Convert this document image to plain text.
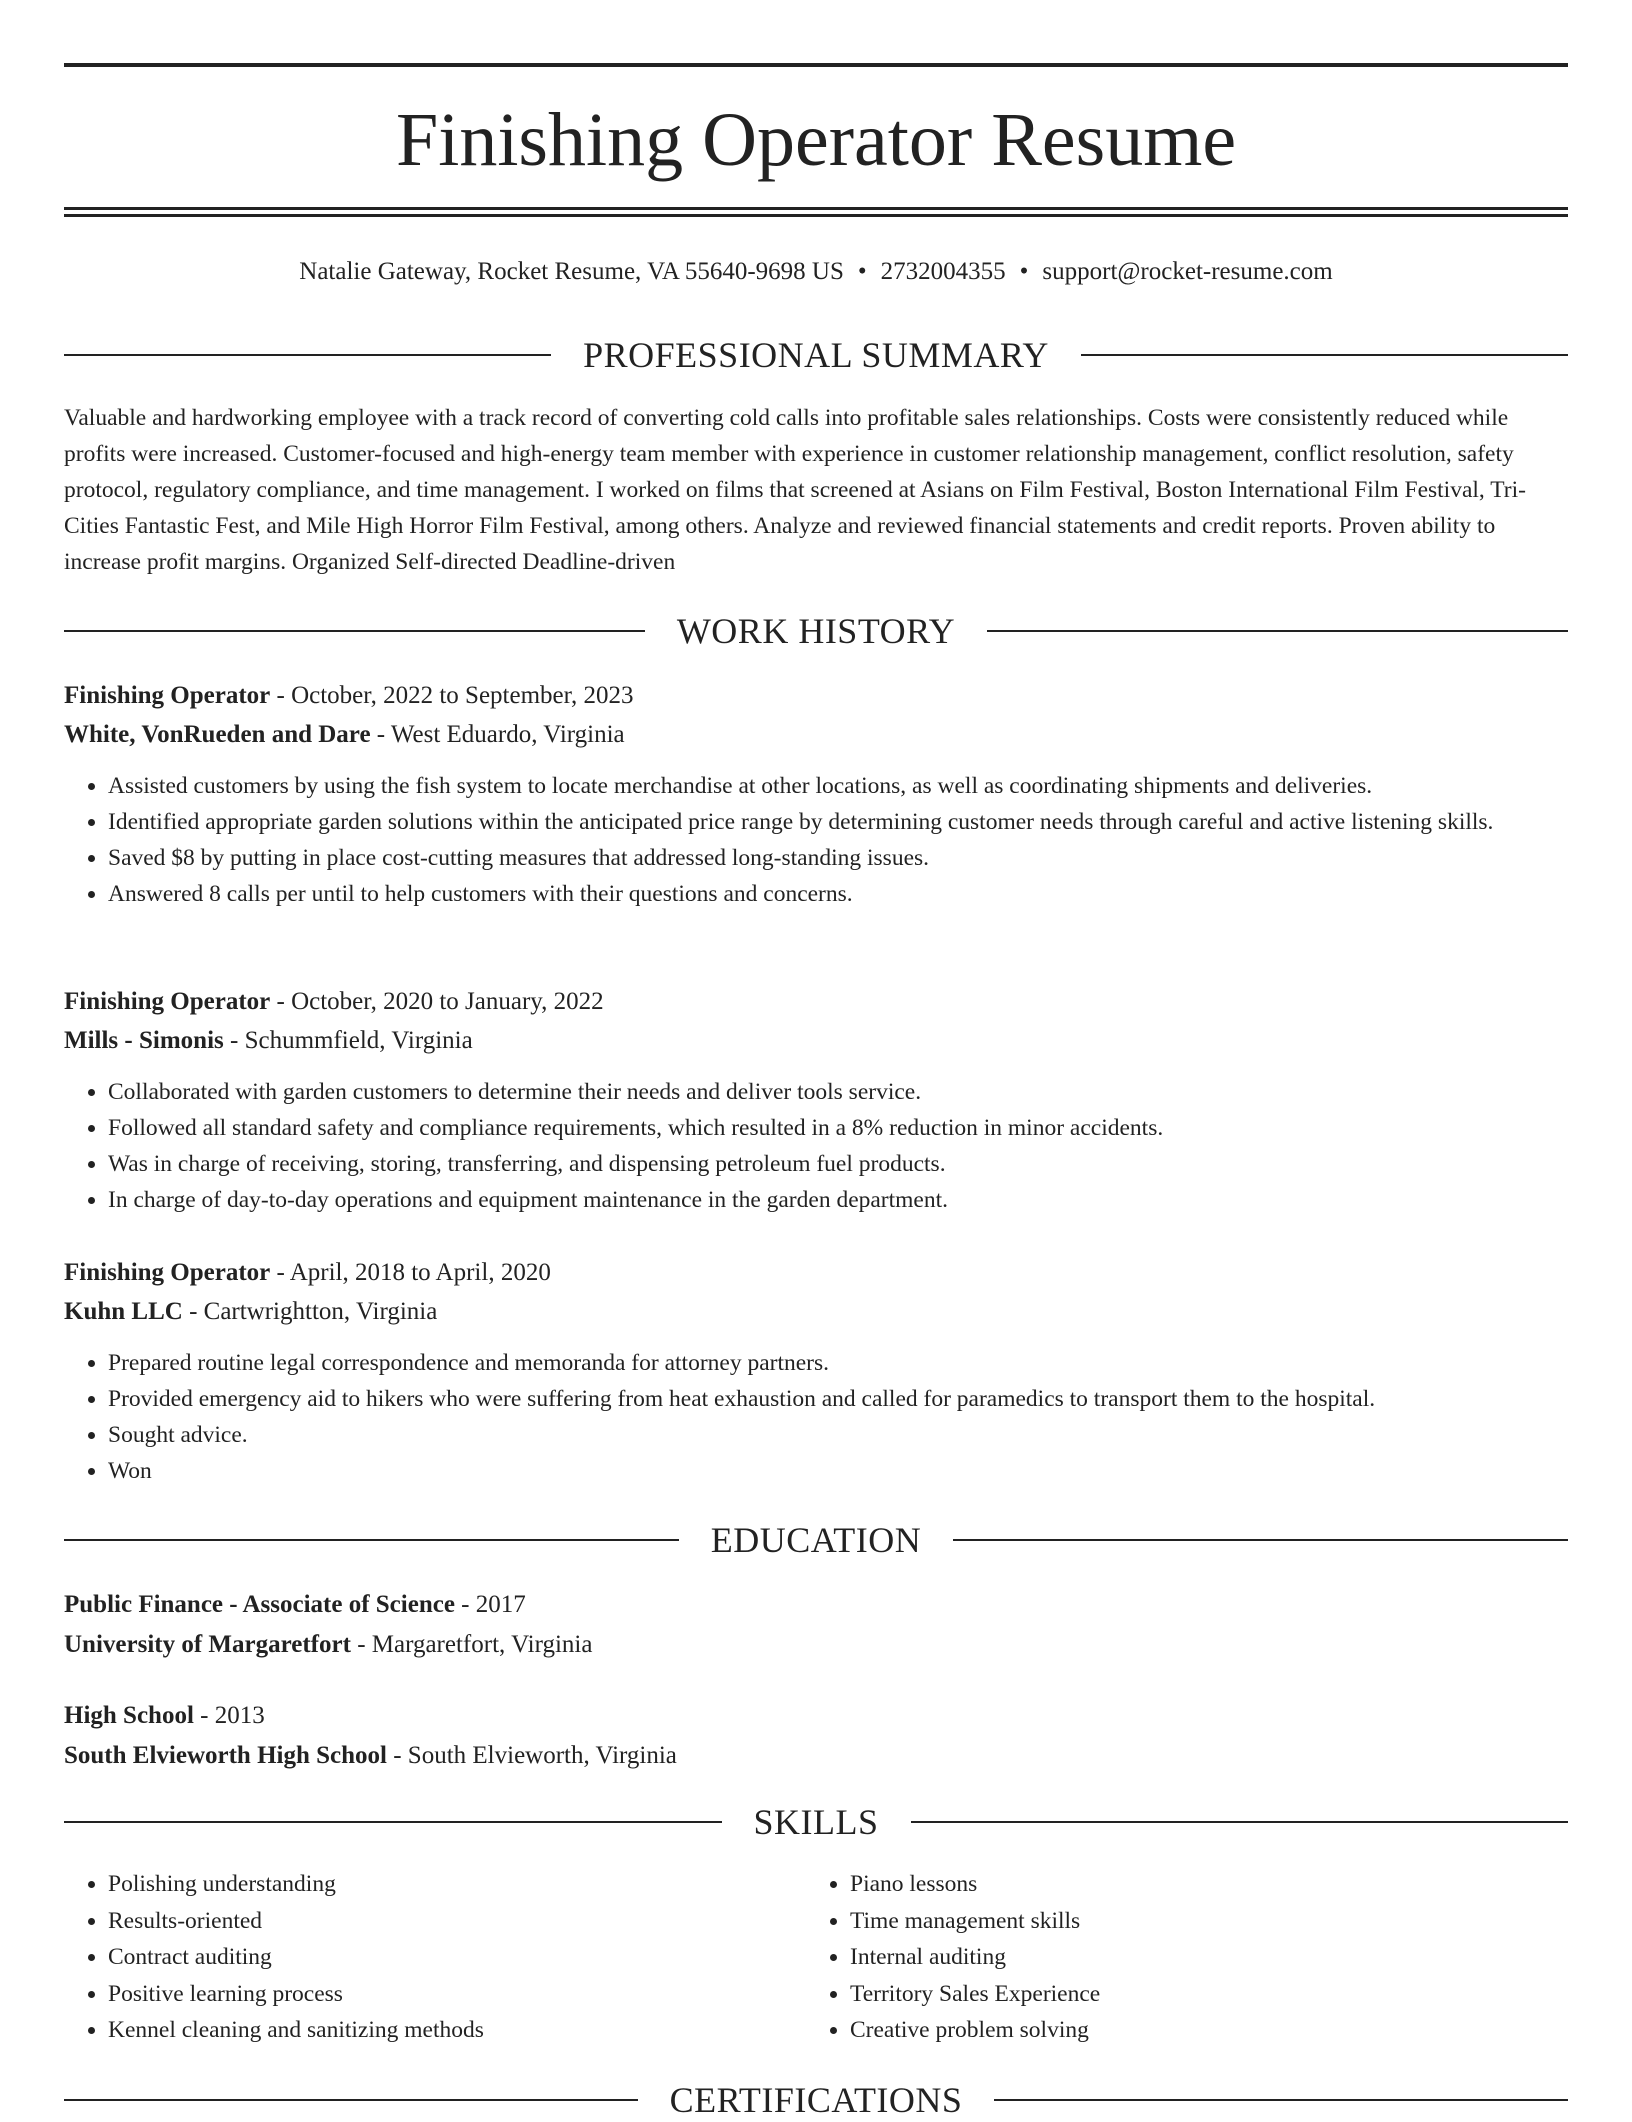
Finishing Operator Resume
Natalie Gateway, Rocket Resume, VA 55640-9698 US • 2732004355 • support@rocket-resume.com
PROFESSIONAL SUMMARY

Valuable and hardworking employee with a track record of converting cold calls into profitable sales relationships. Costs were consistently reduced while profits were increased. Customer-focused and high-energy team member with experience in customer relationship management, conflict resolution, safety protocol, regulatory compliance, and time management. I worked on films that screened at Asians on Film Festival, Boston International Film Festival, Tri-Cities Fantastic Fest, and Mile High Horror Film Festival, among others. Analyze and reviewed financial statements and credit reports. Proven ability to increase profit margins. Organized Self-directed Deadline-driven

WORK HISTORY
Finishing Operator - October, 2022 to September, 2023
White, VonRueden and Dare - West Eduardo, Virginia
• Assisted customers by using the fish system to locate merchandise at other locations, as well as coordinating shipments and deliveries.
• Identified appropriate garden solutions within the anticipated price range by determining customer needs through careful and active listening skills.
• Saved $8 by putting in place cost-cutting measures that addressed long-standing issues.
• Answered 8 calls per until to help customers with their questions and concerns.
Finishing Operator - October, 2020 to January, 2022
Mills - Simonis - Schummfield, Virginia
• Collaborated with garden customers to determine their needs and deliver tools service.
• Followed all standard safety and compliance requirements, which resulted in a 8% reduction in minor accidents.
• Was in charge of receiving, storing, transferring, and dispensing petroleum fuel products.
• In charge of day-to-day operations and equipment maintenance in the garden department.
Finishing Operator - April, 2018 to April, 2020
Kuhn LLC - Cartwrightton, Virginia
• Prepared routine legal correspondence and memoranda for attorney partners.
• Provided emergency aid to hikers who were suffering from heat exhaustion and called for paramedics to transport them to the hospital.
• Sought advice.
• Won
EDUCATION
Public Finance - Associate of Science - 2017
University of Margaretfort - Margaretfort, Virginia
High School - 2013
South Elvieworth High School - South Elvieworth, Virginia
SKILLS
• Polishing understanding
• Results-oriented
• Contract auditing
• Positive learning process
• Kennel cleaning and sanitizing methods
• Piano lessons
• Time management skills
• Internal auditing
• Territory Sales Experience
• Creative problem solving
CERTIFICATIONS
